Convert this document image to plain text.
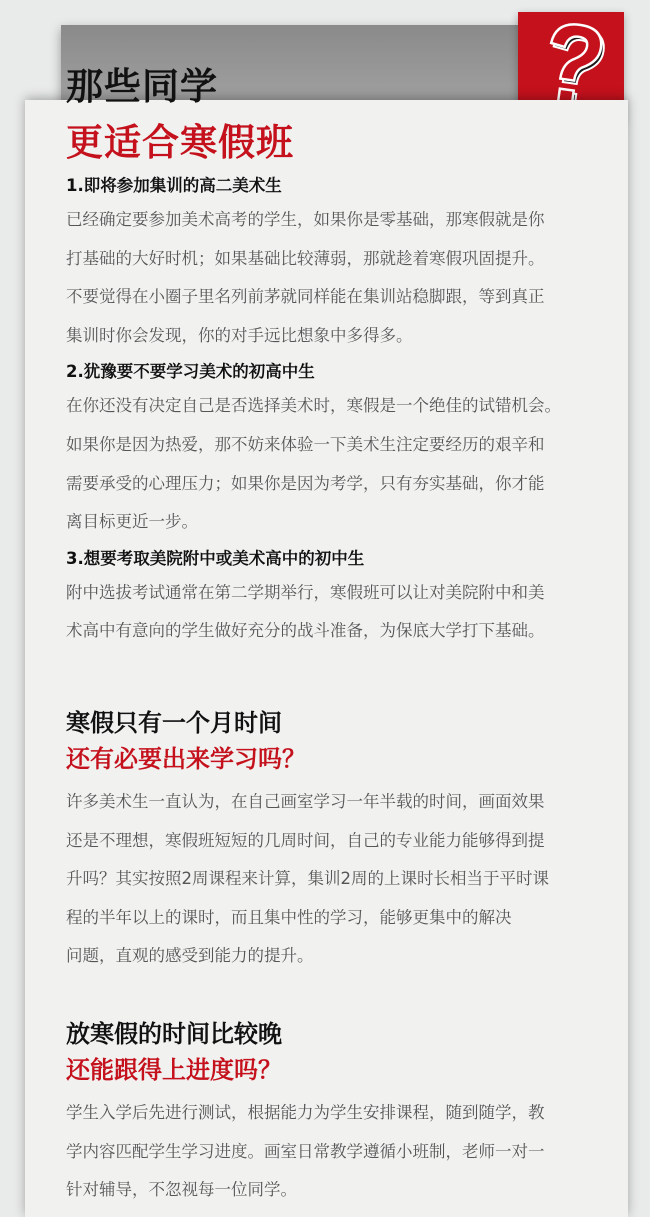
那些同学
更适合寒假班

1.即将参加集训的高二美术生

已经确定要参加美术高考的学生，如果你是零基础，那寒假就是你
打基础的大好时机；如果基础比较薄弱，那就趁着寒假巩固提升。
不要觉得在小圈子里名列前茅就同样能在集训站稳脚跟，等到真正
集训时你会发现，你的对手远比想象中多得多。

2.犹豫要不要学习美术的初高中生

在你还没有决定自己是否选择美术时，寒假是一个绝佳的试错机会。
如果你是因为热爱，那不妨来体验一下美术生注定要经历的艰辛和
需要承受的心理压力；如果你是因为考学，只有夯实基础，你才能
离目标更近一步。

3.想要考取美院附中或美术高中的初中生

附中选拔考试通常在第二学期举行，寒假班可以让对美院附中和美
术高中有意向的学生做好充分的战斗准备，为保底大学打下基础。

寒假只有一个月时间

还有必要出来学习吗？

许多美术生一直认为，在自己画室学习一年半载的时间，画面效果
还是不理想，寒假班短短的几周时间，自己的专业能力能够得到提
升吗？其实按照2周课程来计算，集训2周的上课时长相当于平时课
程的半年以上的课时，而且集中性的学习，能够更集中的解决
问题，直观的感受到能力的提升。

放寒假的时间比较晚

还能跟得上进度吗？

学生入学后先进行测试，根据能力为学生安排课程，随到随学，教
学内容匹配学生学习进度。画室日常教学遵循小班制，老师一对一
针对辅导，不忽视每一位同学。
